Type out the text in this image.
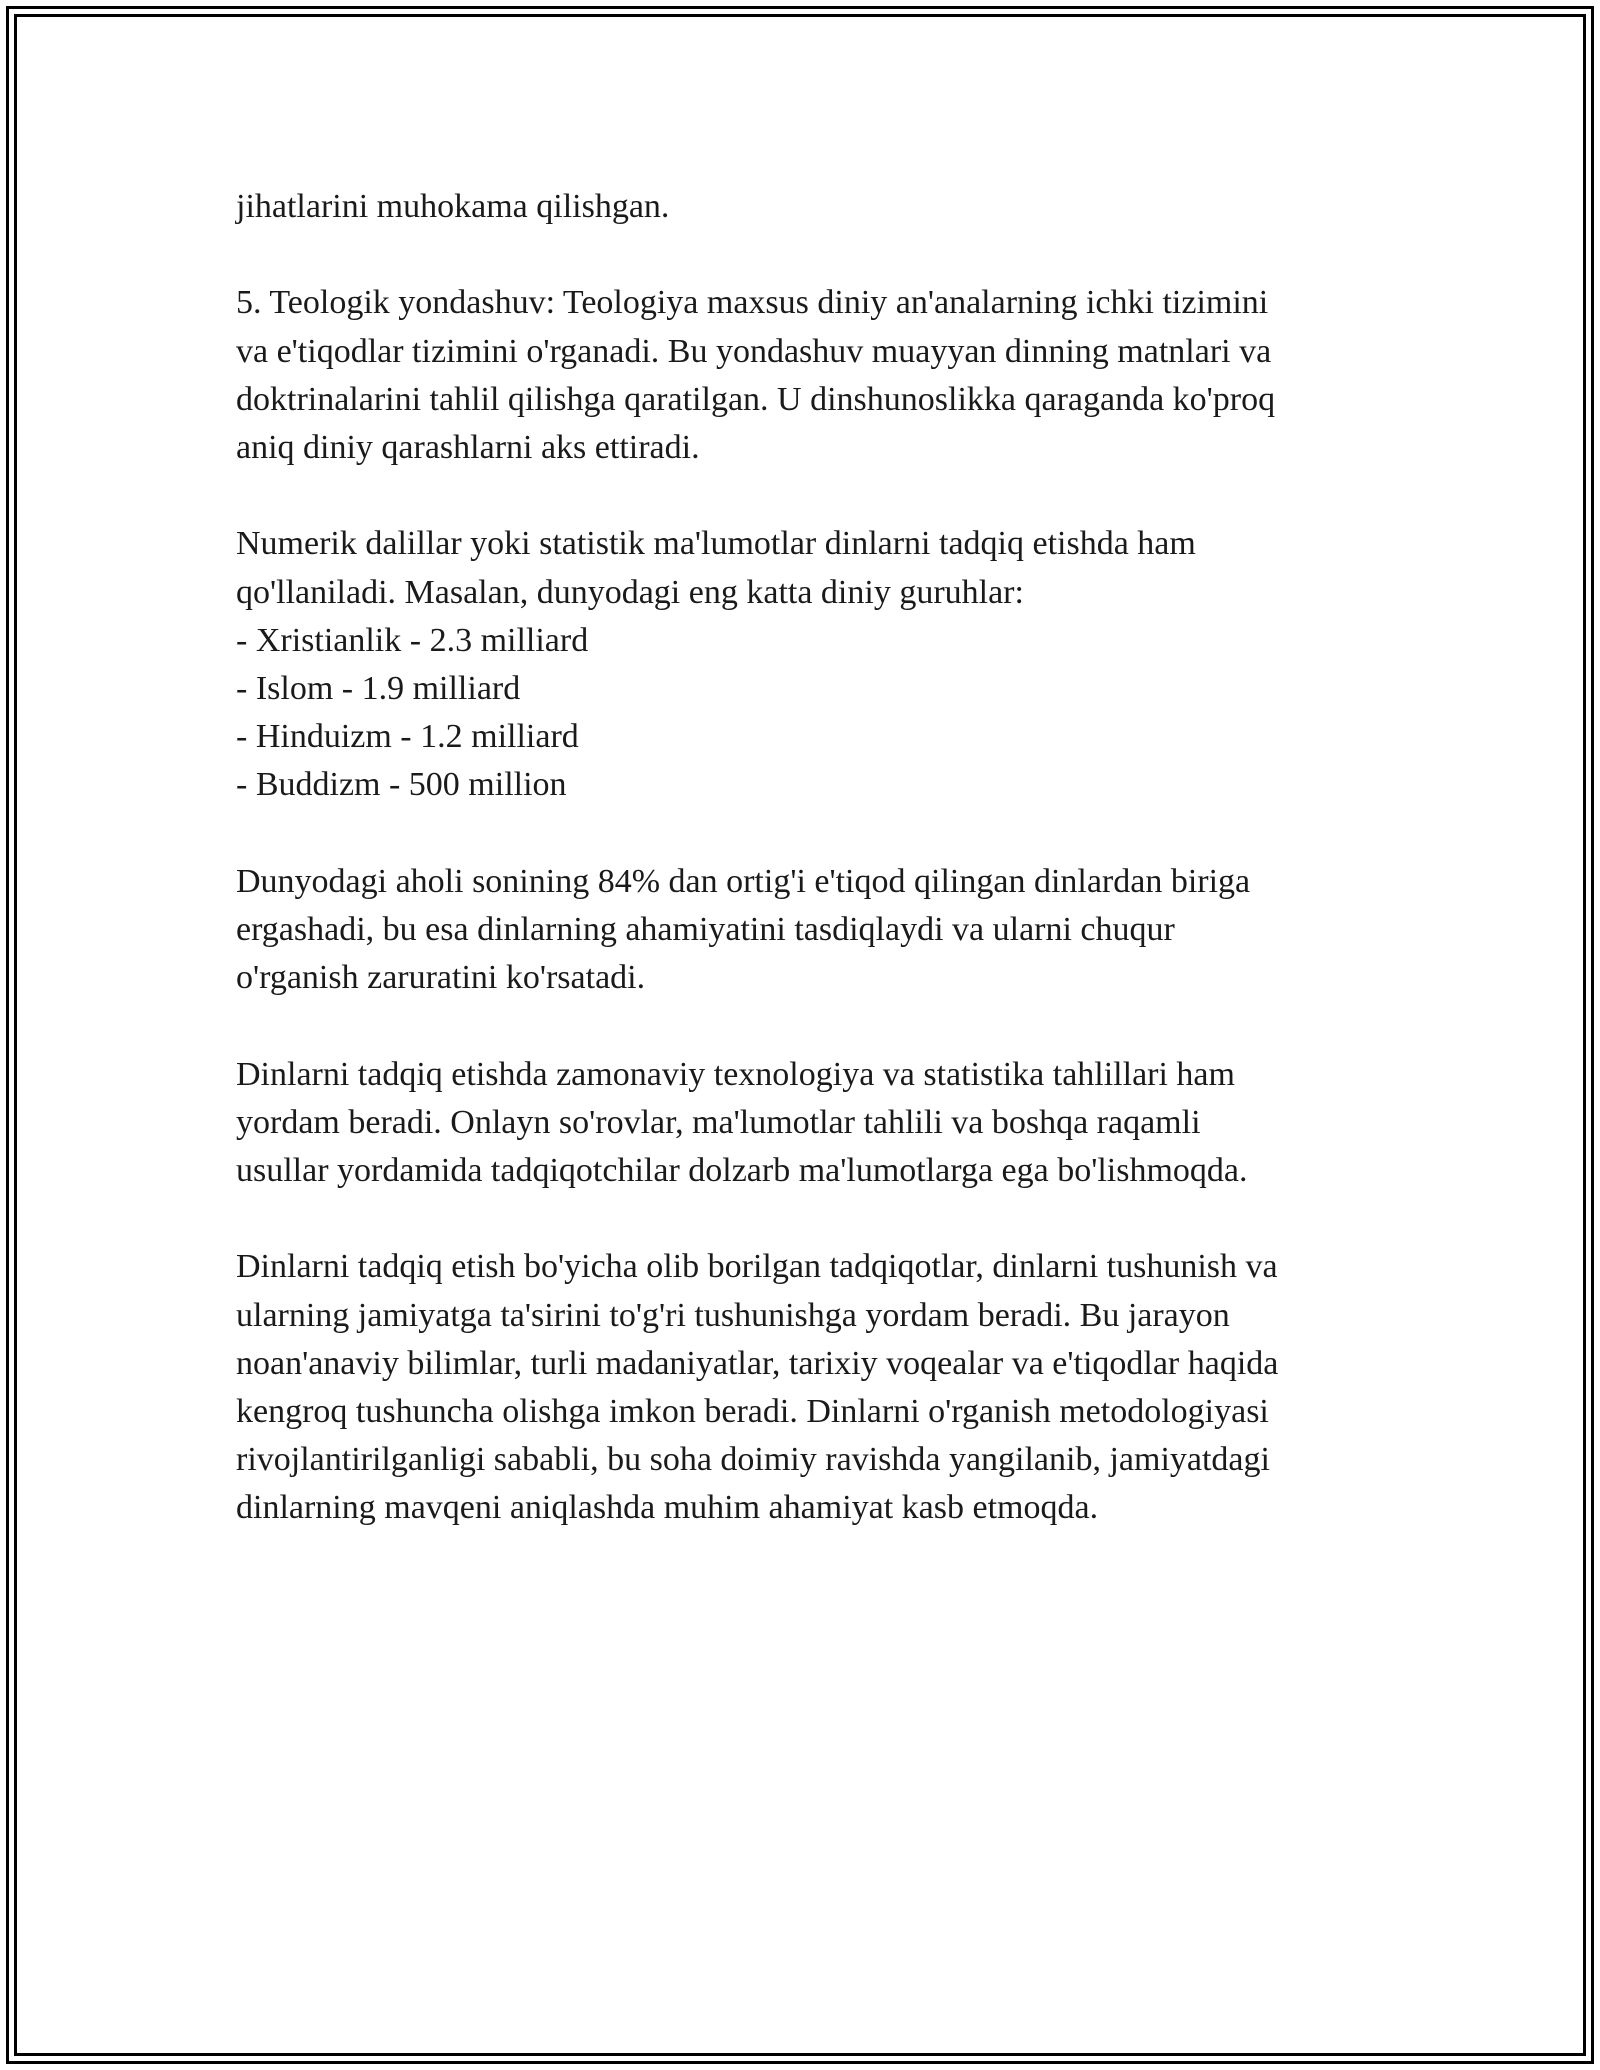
jihatlarini muhokama qilishgan.
5. Teologik yondashuv: Teologiya maxsus diniy an'analarning ichki tizimini
va e'tiqodlar tizimini o'rganadi. Bu yondashuv muayyan dinning matnlari va
doktrinalarini tahlil qilishga qaratilgan. U dinshunoslikka qaraganda ko'proq
aniq diniy qarashlarni aks ettiradi.
Numerik dalillar yoki statistik ma'lumotlar dinlarni tadqiq etishda ham
qo'llaniladi. Masalan, dunyodagi eng katta diniy guruhlar:
- Xristianlik - 2.3 milliard
- Islom - 1.9 milliard
- Hinduizm - 1.2 milliard
- Buddizm - 500 million
Dunyodagi aholi sonining 84% dan ortig'i e'tiqod qilingan dinlardan biriga
ergashadi, bu esa dinlarning ahamiyatini tasdiqlaydi va ularni chuqur
o'rganish zaruratini ko'rsatadi.
Dinlarni tadqiq etishda zamonaviy texnologiya va statistika tahlillari ham
yordam beradi. Onlayn so'rovlar, ma'lumotlar tahlili va boshqa raqamli
usullar yordamida tadqiqotchilar dolzarb ma'lumotlarga ega bo'lishmoqda.
Dinlarni tadqiq etish bo'yicha olib borilgan tadqiqotlar, dinlarni tushunish va
ularning jamiyatga ta'sirini to'g'ri tushunishga yordam beradi. Bu jarayon
noan'anaviy bilimlar, turli madaniyatlar, tarixiy voqealar va e'tiqodlar haqida
kengroq tushuncha olishga imkon beradi. Dinlarni o'rganish metodologiyasi
rivojlantirilganligi sababli, bu soha doimiy ravishda yangilanib, jamiyatdagi
dinlarning mavqeni aniqlashda muhim ahamiyat kasb etmoqda.
